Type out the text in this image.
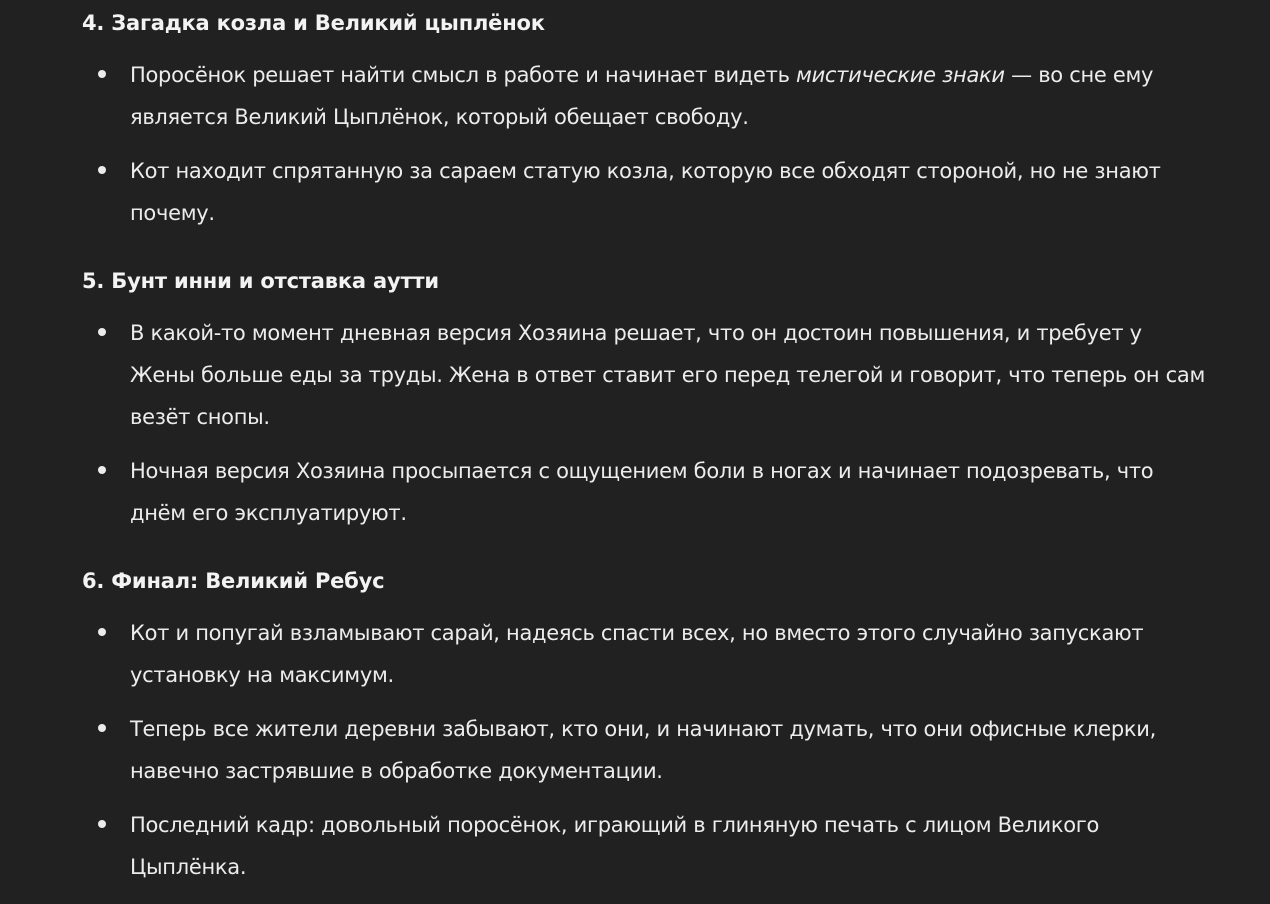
4. Загадка козла и Великий цыплёнок
Поросёнок решает найти смысл в работе и начинает видеть мистические знаки — во сне ему является Великий Цыплёнок, который обещает свободу.
Кот находит спрятанную за сараем статую козла, которую все обходят стороной, но не знают почему.
5. Бунт инни и отставка аутти
В какой-то момент дневная версия Хозяина решает, что он достоин повышения, и требует у Жены больше еды за труды. Жена в ответ ставит его перед телегой и говорит, что теперь он сам везёт снопы.
Ночная версия Хозяина просыпается с ощущением боли в ногах и начинает подозревать, что днём его эксплуатируют.
6. Финал: Великий Ребус
Кот и попугай взламывают сарай, надеясь спасти всех, но вместо этого случайно запускают установку на максимум.
Теперь все жители деревни забывают, кто они, и начинают думать, что они офисные клерки, навечно застрявшие в обработке документации.
Последний кадр: довольный поросёнок, играющий в глиняную печать с лицом Великого Цыплёнка.
